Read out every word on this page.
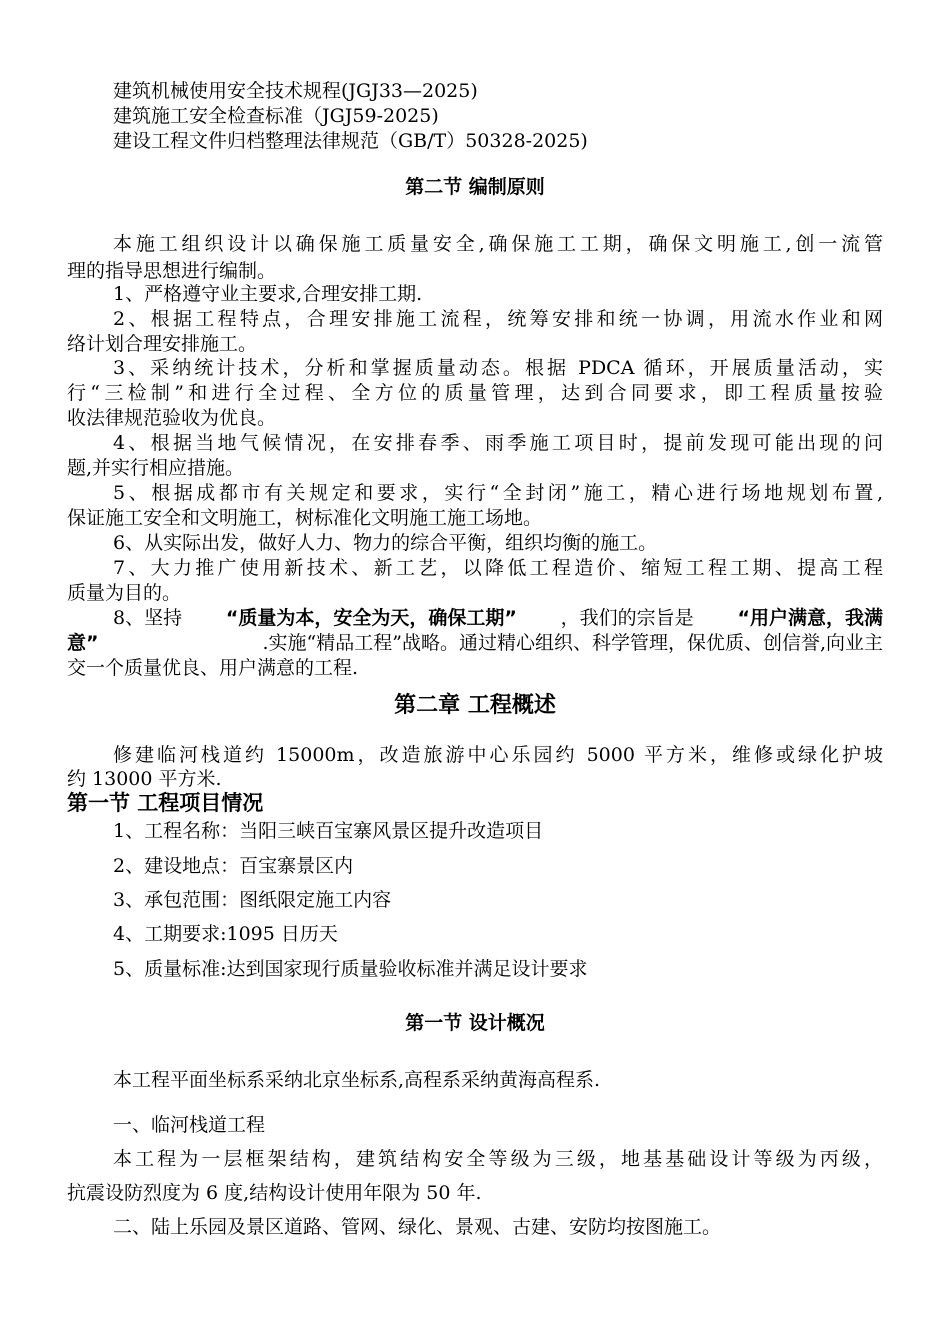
建筑机械使用安全技术规程(JGJ33—2025)
建筑施工安全检查标准（JGJ59-2025)
建设工程文件归档整理法律规范（GB/T）50328-2025)
第二节 编制原则
本施工组织设计以确保施工质量安全,确保施工工期，确保文明施工,创一流管
理的指导思想进行编制。
1、严格遵守业主要求,合理安排工期.
2、根据工程特点，合理安排施工流程，统筹安排和统一协调，用流水作业和网
络计划合理安排施工。
3、采纳统计技术，分析和掌握质量动态。根据 PDCA 循环，开展质量活动，实
行“三检制”和进行全过程、全方位的质量管理，达到合同要求，即工程质量按验
收法律规范验收为优良。
4、根据当地气候情况，在安排春季、雨季施工项目时，提前发现可能出现的问
题,并实行相应措施。
5、根据成都市有关规定和要求，实行“全封闭”施工，精心进行场地规划布置,
保证施工安全和文明施工，树标准化文明施工施工场地。
6、从实际出发，做好人力、物力的综合平衡，组织均衡的施工。
7、大力推广使用新技术、新工艺，以降低工程造价、缩短工程工期、提高工程
质量为目的。
8、坚持 “质量为本，安全为天，确保工期” ，我们的宗旨是 “用户满意，我满
意”	.实施“精品工程”战略。通过精心组织、科学管理，保优质、创信誉,向业主
交一个质量优良、用户满意的工程.
第二章 工程概述
修建临河栈道约 15000m，改造旅游中心乐园约 5000 平方米，维修或绿化护坡
约 13000 平方米.
第一节 工程项目情况
1、工程名称：当阳三峡百宝寨风景区提升改造项目
2、建设地点：百宝寨景区内
3、承包范围：图纸限定施工内容
4、工期要求:1095 日历天
5、质量标准:达到国家现行质量验收标准并满足设计要求
第一节 设计概况
本工程平面坐标系采纳北京坐标系,高程系采纳黄海高程系.
一、临河栈道工程
本工程为一层框架结构，建筑结构安全等级为三级，地基基础设计等级为丙级，
抗震设防烈度为 6 度,结构设计使用年限为 50 年.
二、陆上乐园及景区道路、管网、绿化、景观、古建、安防均按图施工。
